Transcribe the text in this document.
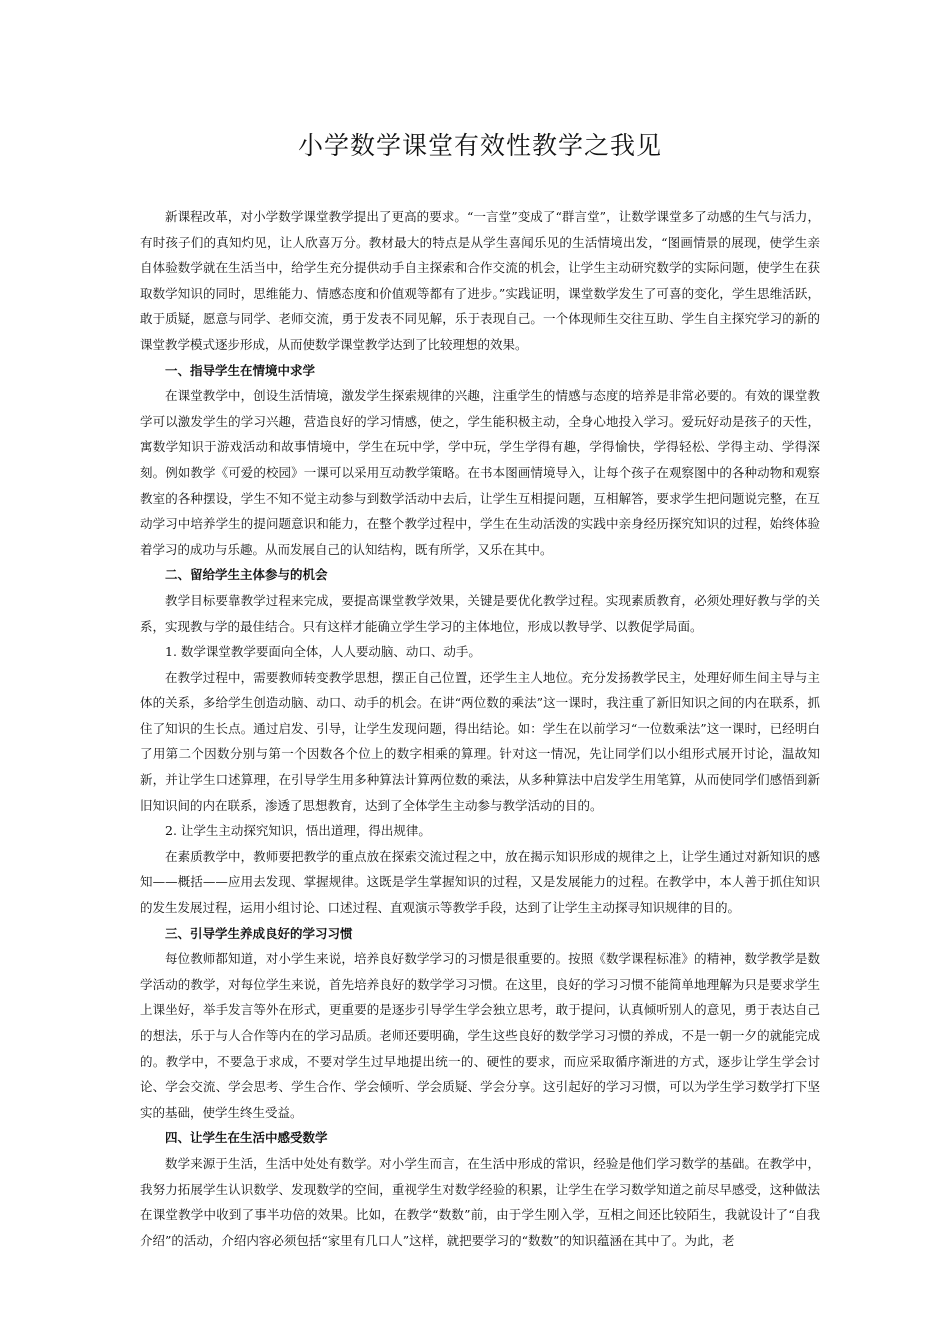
小学数学课堂有效性教学之我见

新课程改革，对小学数学课堂教学提出了更高的要求。“一言堂”变成了“群言堂”，让数学课堂多了动感的生气与活力，有时孩子们的真知灼见，让人欣喜万分。教材最大的特点是从学生喜闻乐见的生活情境出发，“图画情景的展现，使学生亲自体验数学就在生活当中，给学生充分提供动手自主探索和合作交流的机会，让学生主动研究数学的实际问题，使学生在获取数学知识的同时，思维能力、情感态度和价值观等都有了进步。”实践证明，课堂数学发生了可喜的变化，学生思维活跃，敢于质疑，愿意与同学、老师交流，勇于发表不同见解，乐于表现自己。一个体现师生交往互助、学生自主探究学习的新的课堂教学模式逐步形成，从而使数学课堂教学达到了比较理想的效果。

一、指导学生在情境中求学

在课堂教学中，创设生活情境，激发学生探索规律的兴趣，注重学生的情感与态度的培养是非常必要的。有效的课堂教学可以激发学生的学习兴趣，营造良好的学习情感，使之，学生能积极主动，全身心地投入学习。爱玩好动是孩子的天性，寓数学知识于游戏活动和故事情境中，学生在玩中学，学中玩，学生学得有趣，学得愉快，学得轻松、学得主动、学得深刻。例如教学《可爱的校园》一课可以采用互动教学策略。在书本图画情境导入，让每个孩子在观察图中的各种动物和观察教室的各种摆设，学生不知不觉主动参与到数学活动中去后，让学生互相提问题，互相解答，要求学生把问题说完整，在互动学习中培养学生的提问题意识和能力，在整个教学过程中，学生在生动活泼的实践中亲身经历探究知识的过程，始终体验着学习的成功与乐趣。从而发展自己的认知结构，既有所学，又乐在其中。

二、留给学生主体参与的机会

教学目标要靠教学过程来完成，要提高课堂教学效果，关键是要优化教学过程。实现素质教育，必须处理好教与学的关系，实现教与学的最佳结合。只有这样才能确立学生学习的主体地位，形成以教导学、以教促学局面。

1. 数学课堂教学要面向全体，人人要动脑、动口、动手。

在教学过程中，需要教师转变教学思想，摆正自己位置，还学生主人地位。充分发扬教学民主，处理好师生间主导与主体的关系，多给学生创造动脑、动口、动手的机会。在讲“两位数的乘法”这一课时，我注重了新旧知识之间的内在联系，抓住了知识的生长点。通过启发、引导，让学生发现问题，得出结论。如：学生在以前学习“一位数乘法”这一课时，已经明白了用第二个因数分别与第一个因数各个位上的数字相乘的算理。针对这一情况，先让同学们以小组形式展开讨论，温故知新，并让学生口述算理，在引导学生用多种算法计算两位数的乘法，从多种算法中启发学生用笔算，从而使同学们感悟到新旧知识间的内在联系，渗透了思想教育，达到了全体学生主动参与教学活动的目的。

2. 让学生主动探究知识，悟出道理，得出规律。

在素质教学中，教师要把教学的重点放在探索交流过程之中，放在揭示知识形成的规律之上，让学生通过对新知识的感知——概括——应用去发现、掌握规律。这既是学生掌握知识的过程，又是发展能力的过程。在教学中，本人善于抓住知识的发生发展过程，运用小组讨论、口述过程、直观演示等教学手段，达到了让学生主动探寻知识规律的目的。

三、引导学生养成良好的学习习惯

每位教师都知道，对小学生来说，培养良好数学学习的习惯是很重要的。按照《数学课程标准》的精神，数学教学是数学活动的教学，对每位学生来说，首先培养良好的数学学习习惯。在这里，良好的学习习惯不能简单地理解为只是要求学生上课坐好，举手发言等外在形式，更重要的是逐步引导学生学会独立思考，敢于提问，认真倾听别人的意见，勇于表达自己的想法，乐于与人合作等内在的学习品质。老师还要明确，学生这些良好的数学学习习惯的养成，不是一朝一夕的就能完成的。教学中，不要急于求成，不要对学生过早地提出统一的、硬性的要求，而应采取循序渐进的方式，逐步让学生学会讨论、学会交流、学会思考、学生合作、学会倾听、学会质疑、学会分享。这引起好的学习习惯，可以为学生学习数学打下坚实的基础，使学生终生受益。

四、让学生在生活中感受数学

数学来源于生活，生活中处处有数学。对小学生而言，在生活中形成的常识，经验是他们学习数学的基础。在教学中，我努力拓展学生认识数学、发现数学的空间，重视学生对数学经验的积累，让学生在学习数学知道之前尽早感受，这种做法在课堂教学中收到了事半功倍的效果。比如，在教学“数数”前，由于学生刚入学，互相之间还比较陌生，我就设计了“自我介绍”的活动，介绍内容必须包括“家里有几口人”这样，就把要学习的“数数”的知识蕴涵在其中了。为此，老
